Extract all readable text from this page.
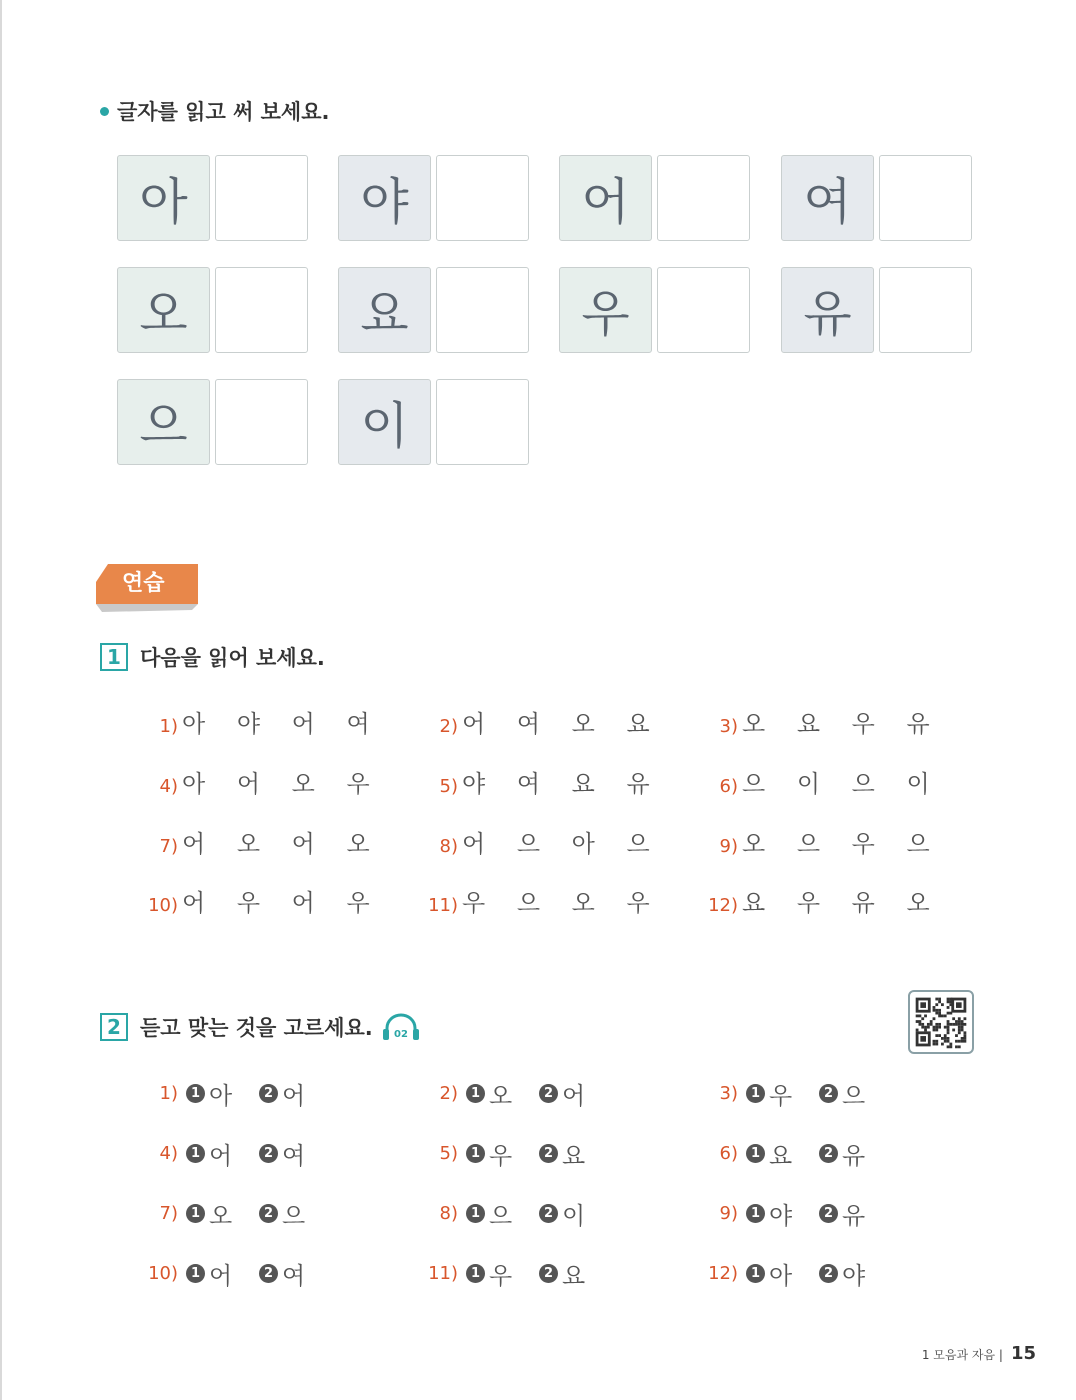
글자를 읽고 써 보세요.
아	야	어	여
오	요	우	유
으	이
연습
1 다음을 읽어 보세요.
1) 아 야 어 여	2) 어 여 오 요	3) 오 요 우 유
4) 아 어 오 우	5) 야 여 요 유	6) 으 이 으 이
7) 어 오 어 오	8) 어 으 아 으	9) 오 으 우 으
10) 어 우 어 우	11) 우 으 오 우	12) 요 우 유 오
2 듣고 맞는 것을 고르세요. 02
1) 1 아	2 어	2) 1 오	2 어	3) 1 우	2 으
4) 1 어	2 여	5) 1 우	2 요	6) 1 요	2 유
7) 1 오	2 으	8) 1 으	2 이	9) 1 야	2 유
10) 1 어	2 여	11) 1 우	2 요	12) 1 아	2 야
1 모음과 자음 | 15
